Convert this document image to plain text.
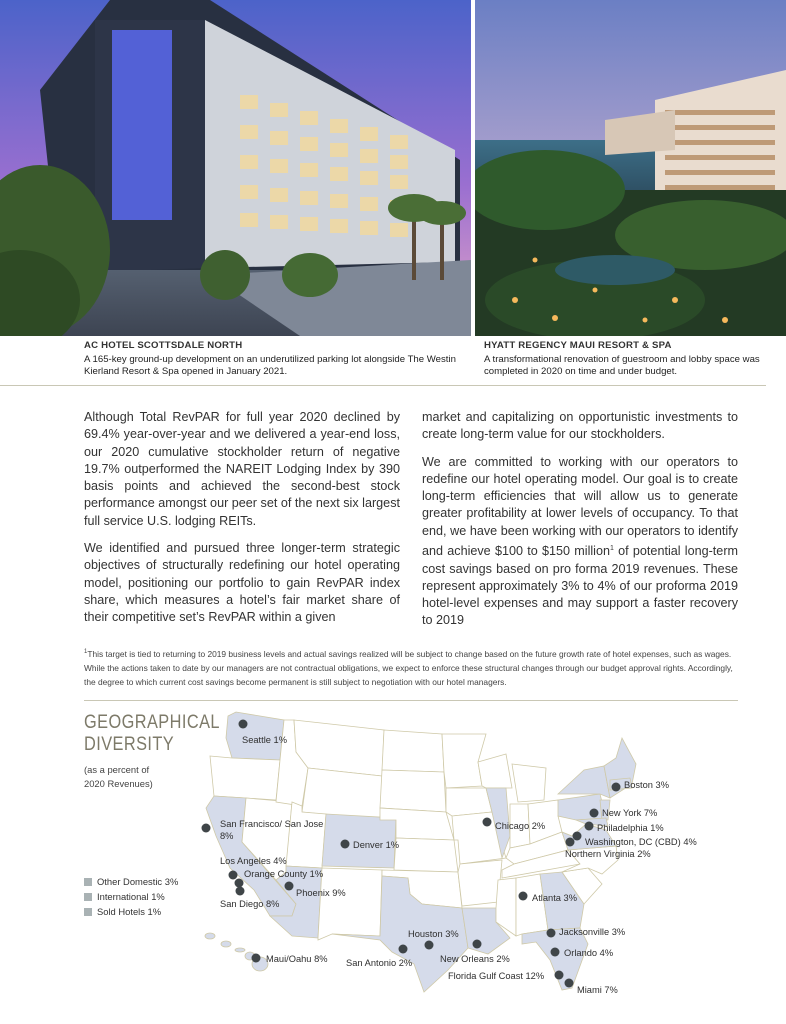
AC HOTEL SCOTTSDALE NORTH
A 165-key ground-up development on an underutilized parking lot alongside The Westin Kierland Resort & Spa opened in January 2021.
HYATT REGENCY MAUI RESORT & SPA
A transformational renovation of guestroom and lobby space was completed in 2020 on time and under budget.

Although Total RevPAR for full year 2020 declined by 69.4% year-over-year and we delivered a year-end loss, our 2020 cumulative stockholder return of negative 19.7% outperformed the NAREIT Lodging Index by 390 basis points and achieved the second-best stock performance amongst our peer set of the next six largest full service U.S. lodging REITs.

We identified and pursued three longer-term strategic objectives of structurally redefining our hotel operating model, positioning our portfolio to gain RevPAR index share, which measures a hotel’s fair market share of their competitive set’s RevPAR within a given

market and capitalizing on opportunistic investments to create long-term value for our stockholders.

We are committed to working with our operators to redefine our hotel operating model. Our goal is to create long-term efficiencies that will allow us to generate greater profitability at lower levels of occupancy. To that end, we have been working with our operators to identify and achieve $100 to $150 million$^1$ of potential long-term cost savings based on pro forma 2019 revenues. These represent approximately 3% to 4% of our proforma 2019 hotel-level expenses and may support a faster recovery to 2019

$^1$This target is tied to returning to 2019 business levels and actual savings realized will be subject to change based on the future growth rate of hotel expenses, such as wages. While the actions taken to date by our managers are not contractual obligations, we expect to enforce these structural changes through our budget approval rights. Accordingly, the degree to which current cost savings become permanent is still subject to negotiation with our hotel managers.
GEOGRAPHICAL
DIVERSITY
(as a percent of
2020 Revenues)
Other Domestic 3%
International 1%
Sold Hotels 1%
Seattle 1%
San Francisco/ San Jose
8%
Los Angeles 4%
Orange County 1%
San Diego 8%
Phoenix 9%
Denver 1%
Maui/Oahu 8% San Antonio 2%
Houston 3%
New Orleans 2%
Chicago 2%
Atlanta 3%
Jacksonville 3%
Orlando 4%
Florida Gulf Coast 12%
Miami 7%
Boston 3%
New York 7%
Philadelphia 1%
Washington, DC (CBD) 4%
Northern Virginia 2%
